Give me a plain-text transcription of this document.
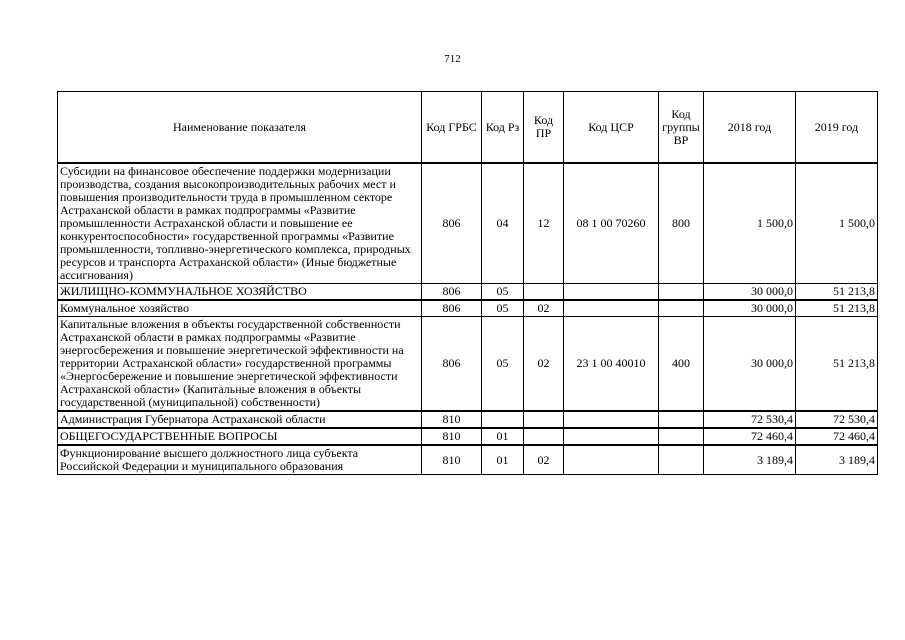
712
Наименование показателя	Код ГРБС	Код Рз	Код ПР	Код ЦСР	Код группы ВР	2018 год	2019 год
Субсидии на финансовое обеспечение поддержки модернизации производства, создания высокопроизводительных рабочих мест и повышения производительности труда в промышленном секторе Астраханской области в рамках подпрограммы «Развитие промышленности Астраханской области и повышение ее конкурентоспособности» государственной программы «Развитие промышленности, топливно-энергетического комплекса, природных ресурсов и транспорта Астраханской области» (Иные бюджетные ассигнования)	806	04	12	08 1 00 70260	800	1 500,0	1 500,0
ЖИЛИЩНО-КОММУНАЛЬНОЕ ХОЗЯЙСТВО	806	05				30 000,0	51 213,8
Коммунальное хозяйство	806	05	02			30 000,0	51 213,8
Капитальные вложения в объекты государственной собственности Астраханской области в рамках подпрограммы «Развитие энергосбережения и повышение энергетической эффективности на территории Астраханской области» государственной программы «Энергосбережение и повышение энергетической эффективности Астраханской области» (Капитальные вложения в объекты государственной (муниципальной) собственности)	806	05	02	23 1 00 40010	400	30 000,0	51 213,8
Администрация Губернатора Астраханской области	810					72 530,4	72 530,4
ОБЩЕГОСУДАРСТВЕННЫЕ ВОПРОСЫ	810	01				72 460,4	72 460,4
Функционирование высшего должностного лица субъекта Российской Федерации и муниципального образования	810	01	02			3 189,4	3 189,4
